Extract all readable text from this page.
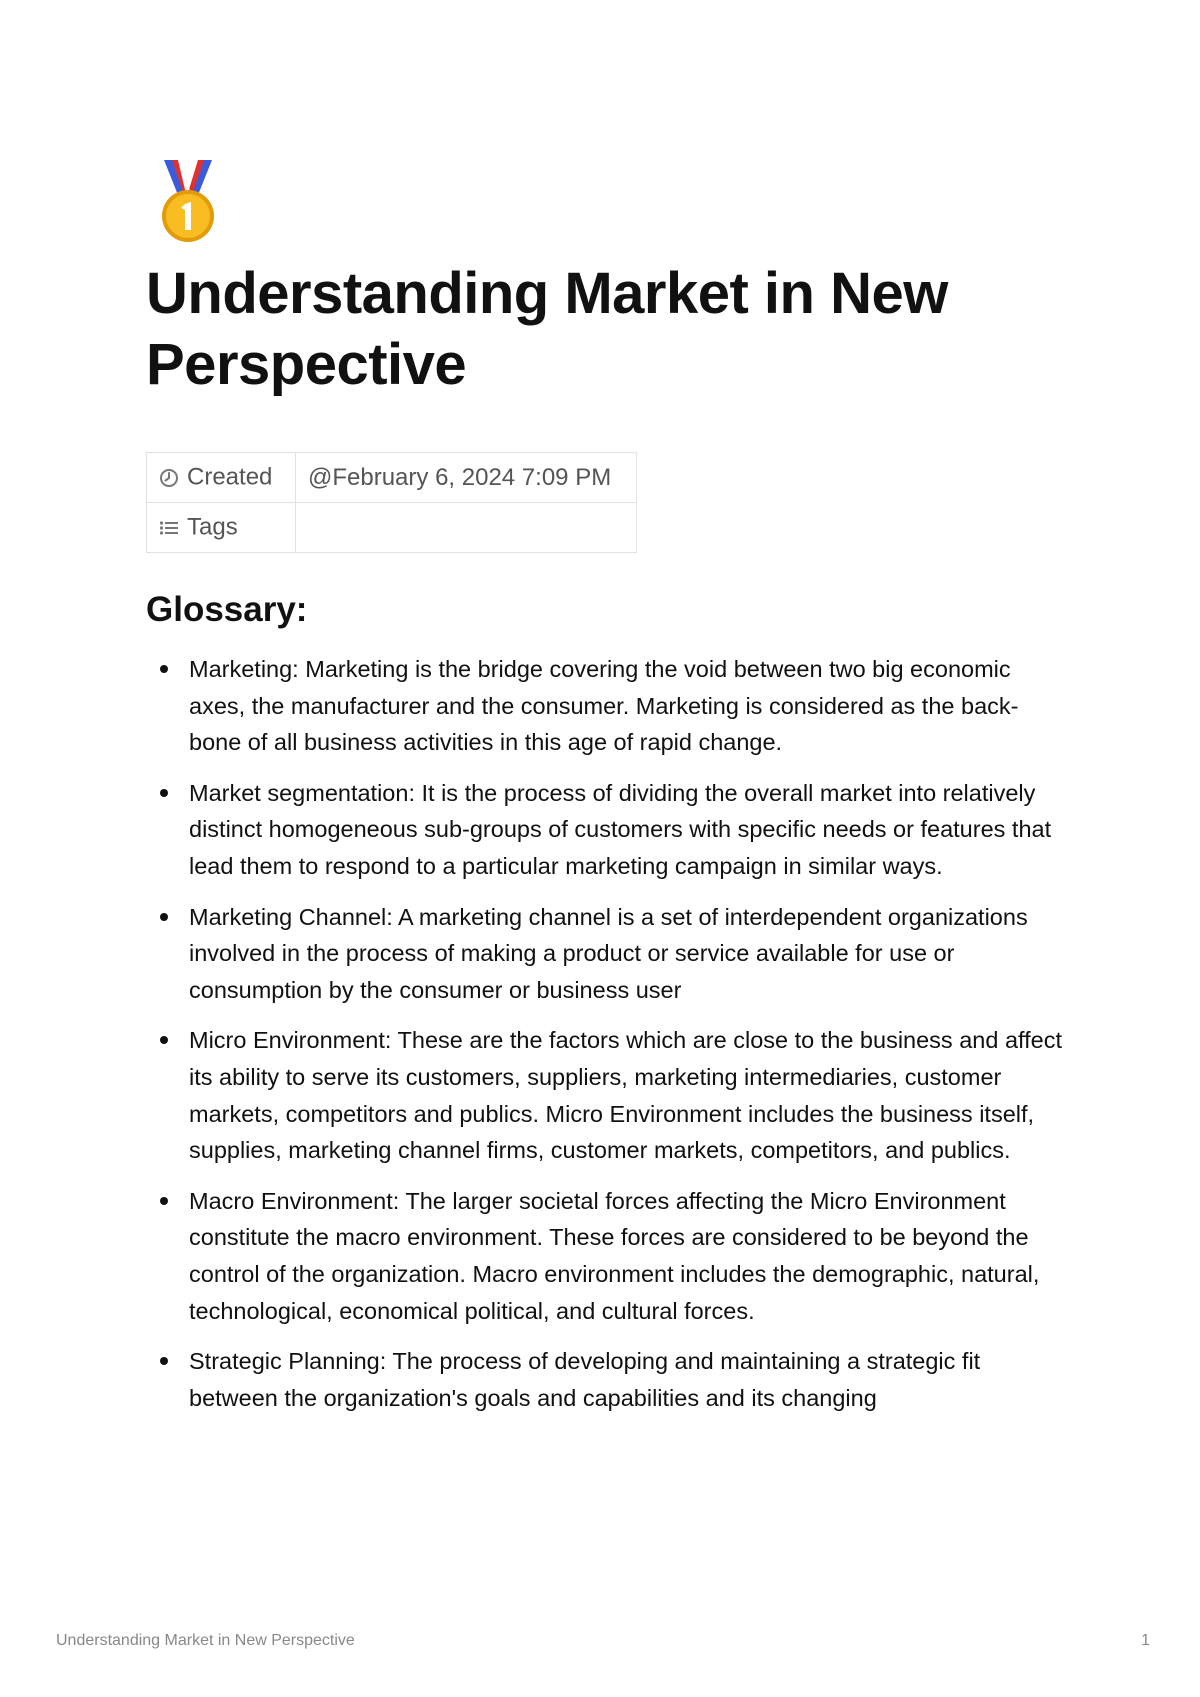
Understanding Market in New Perspective
Created	@February 6, 2024 7:09 PM
Tags	
Glossary:
Marketing: Marketing is the bridge covering the void between two big economic axes, the manufacturer and the consumer. Marketing is considered as the back-bone of all business activities in this age of rapid change.
Market segmentation: It is the process of dividing the overall market into relatively distinct homogeneous sub-groups of customers with specific needs or features that lead them to respond to a particular marketing campaign in similar ways.
Marketing Channel: A marketing channel is a set of interdependent organizations involved in the process of making a product or service available for use or consumption by the consumer or business user
Micro Environment: These are the factors which are close to the business and affect its ability to serve its customers, suppliers, marketing intermediaries, customer markets, competitors and publics. Micro Environment includes the business itself, supplies, marketing channel firms, customer markets, competitors, and publics.
Macro Environment: The larger societal forces affecting the Micro Environment constitute the macro environment. These forces are considered to be beyond the control of the organization. Macro environment includes the demographic, natural, technological, economical political, and cultural forces.
Strategic Planning: The process of developing and maintaining a strategic fit between the organization's goals and capabilities and its changing
Understanding Market in New Perspective	1
